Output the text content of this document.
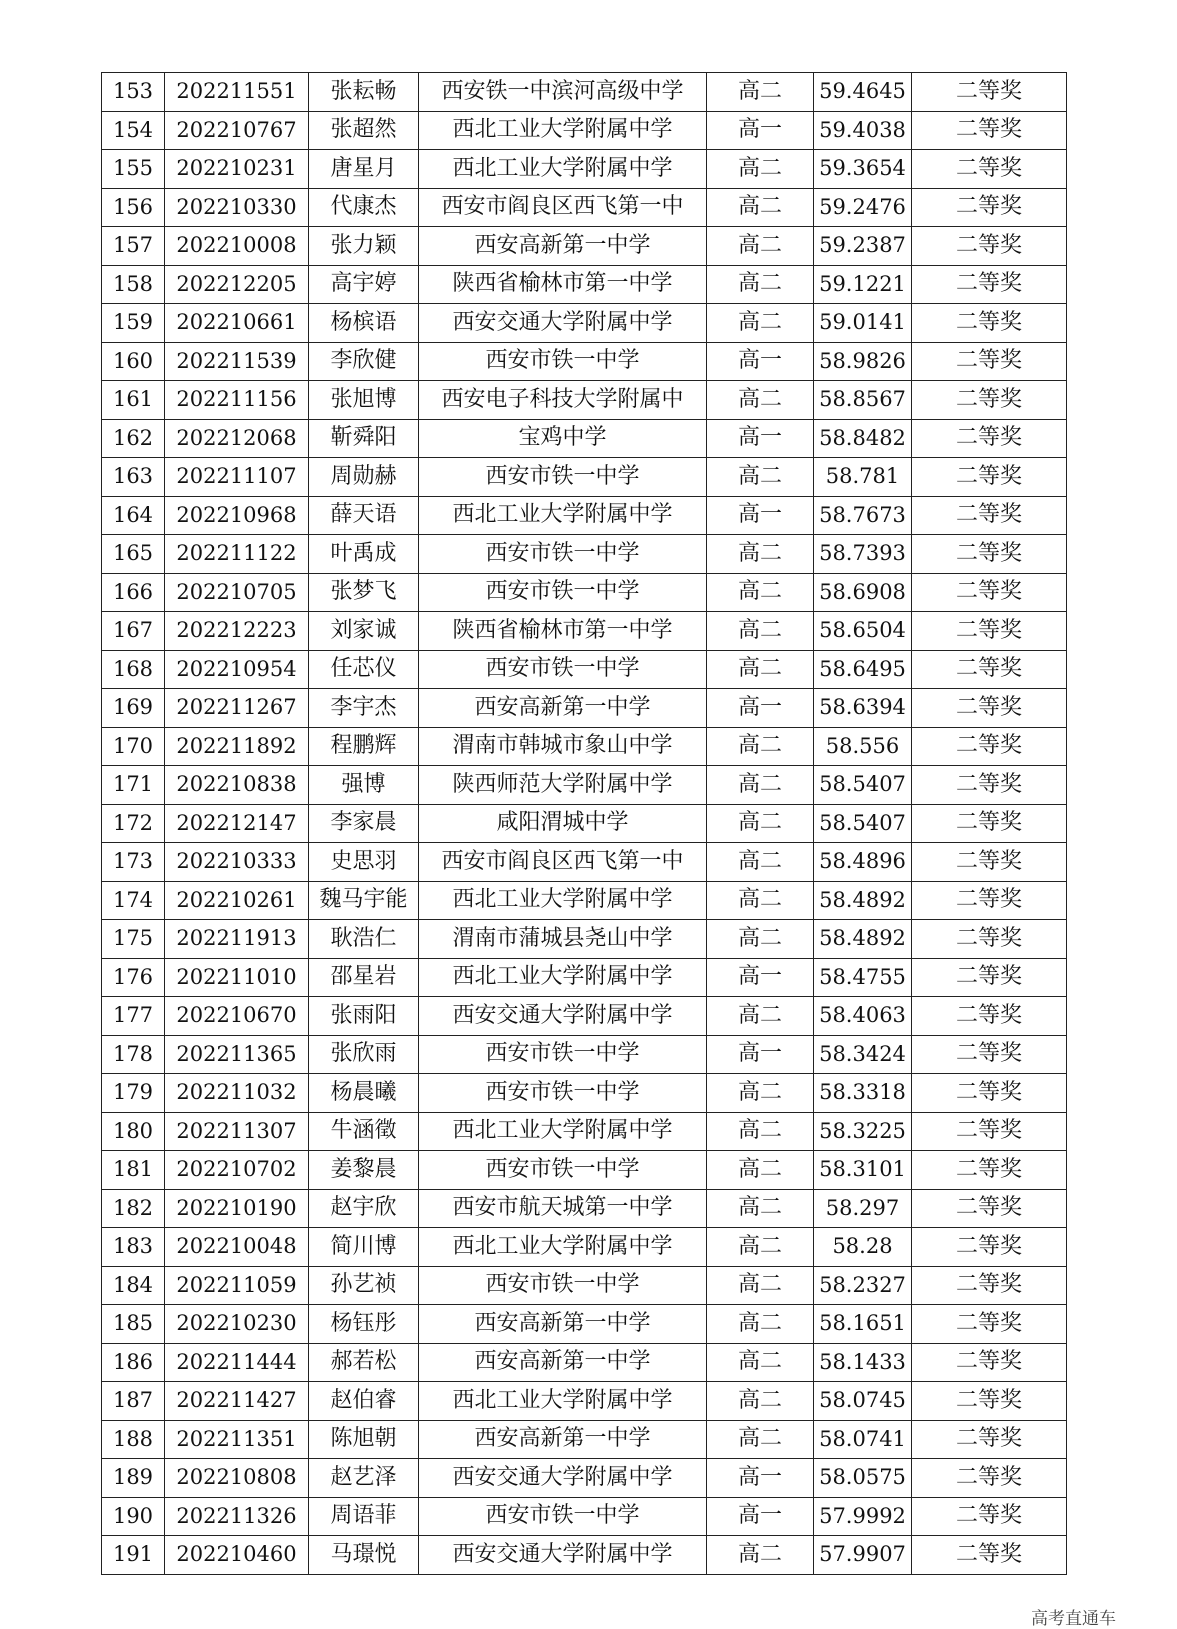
153	202211551	张耘畅	西安铁一中滨河高级中学	高二	59.4645	二等奖
154	202210767	张超然	西北工业大学附属中学	高一	59.4038	二等奖
155	202210231	唐星月	西北工业大学附属中学	高二	59.3654	二等奖
156	202210330	代康杰	西安市阎良区西飞第一中	高二	59.2476	二等奖
157	202210008	张力颖	西安高新第一中学	高二	59.2387	二等奖
158	202212205	高宇婷	陕西省榆林市第一中学	高二	59.1221	二等奖
159	202210661	杨槟语	西安交通大学附属中学	高二	59.0141	二等奖
160	202211539	李欣健	西安市铁一中学	高一	58.9826	二等奖
161	202211156	张旭博	西安电子科技大学附属中	高二	58.8567	二等奖
162	202212068	靳舜阳	宝鸡中学	高一	58.8482	二等奖
163	202211107	周勋赫	西安市铁一中学	高二	58.781	二等奖
164	202210968	薛天语	西北工业大学附属中学	高一	58.7673	二等奖
165	202211122	叶禹成	西安市铁一中学	高二	58.7393	二等奖
166	202210705	张梦飞	西安市铁一中学	高二	58.6908	二等奖
167	202212223	刘家诚	陕西省榆林市第一中学	高二	58.6504	二等奖
168	202210954	任芯仪	西安市铁一中学	高二	58.6495	二等奖
169	202211267	李宇杰	西安高新第一中学	高一	58.6394	二等奖
170	202211892	程鹏辉	渭南市韩城市象山中学	高二	58.556	二等奖
171	202210838	强博	陕西师范大学附属中学	高二	58.5407	二等奖
172	202212147	李家晨	咸阳渭城中学	高二	58.5407	二等奖
173	202210333	史思羽	西安市阎良区西飞第一中	高二	58.4896	二等奖
174	202210261	魏马宇能	西北工业大学附属中学	高二	58.4892	二等奖
175	202211913	耿浩仁	渭南市蒲城县尧山中学	高二	58.4892	二等奖
176	202211010	邵星岩	西北工业大学附属中学	高一	58.4755	二等奖
177	202210670	张雨阳	西安交通大学附属中学	高二	58.4063	二等奖
178	202211365	张欣雨	西安市铁一中学	高一	58.3424	二等奖
179	202211032	杨晨曦	西安市铁一中学	高二	58.3318	二等奖
180	202211307	牛涵徵	西北工业大学附属中学	高二	58.3225	二等奖
181	202210702	姜黎晨	西安市铁一中学	高二	58.3101	二等奖
182	202210190	赵宇欣	西安市航天城第一中学	高二	58.297	二等奖
183	202210048	简川博	西北工业大学附属中学	高二	58.28	二等奖
184	202211059	孙艺祯	西安市铁一中学	高二	58.2327	二等奖
185	202210230	杨钰彤	西安高新第一中学	高二	58.1651	二等奖
186	202211444	郝若松	西安高新第一中学	高二	58.1433	二等奖
187	202211427	赵伯睿	西北工业大学附属中学	高二	58.0745	二等奖
188	202211351	陈旭朝	西安高新第一中学	高二	58.0741	二等奖
189	202210808	赵艺泽	西安交通大学附属中学	高一	58.0575	二等奖
190	202211326	周语菲	西安市铁一中学	高一	57.9992	二等奖
191	202210460	马璟悦	西安交通大学附属中学	高二	57.9907	二等奖
高考直通车
